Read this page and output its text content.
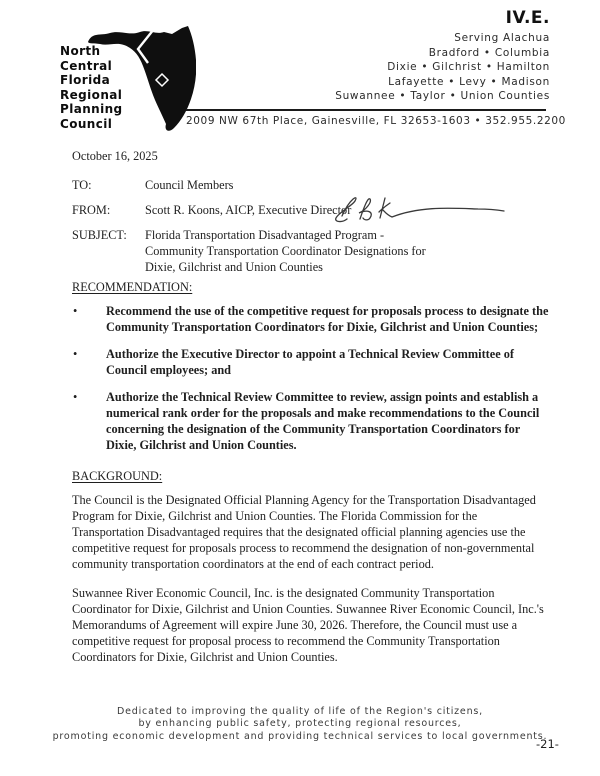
IV.E.
Serving Alachua
Bradford • Columbia
Dixie • Gilchrist • Hamilton
Lafayette • Levy • Madison
Suwannee • Taylor • Union Counties
North
Central
Florida
Regional
Planning
Council	2009 NW 67th Place, Gainesville, FL 32653-1603 • 352.955.2200
October 16, 2025
TO:	Council Members
FROM:	Scott R. Koons, AICP, Executive Director
SUBJECT:	Florida Transportation Disadvantaged Program -
Community Transportation Coordinator Designations for
Dixie, Gilchrist and Union Counties
RECOMMENDATION:
• Recommend the use of the competitive request for proposals process to designate the Community Transportation Coordinators for Dixie, Gilchrist and Union Counties;
• Authorize the Executive Director to appoint a Technical Review Committee of Council employees; and
• Authorize the Technical Review Committee to review, assign points and establish a numerical rank order for the proposals and make recommendations to the Council concerning the designation of the Community Transportation Coordinators for Dixie, Gilchrist and Union Counties.
BACKGROUND:
The Council is the Designated Official Planning Agency for the Transportation Disadvantaged Program for Dixie, Gilchrist and Union Counties. The Florida Commission for the Transportation Disadvantaged requires that the designated official planning agencies use the competitive request for proposals process to recommend the designation of non-governmental community transportation coordinators at the end of each contract period.
Suwannee River Economic Council, Inc. is the designated Community Transportation Coordinator for Dixie, Gilchrist and Union Counties. Suwannee River Economic Council, Inc.'s Memorandums of Agreement will expire June 30, 2026. Therefore, the Council must use a competitive request for proposal process to recommend the Community Transportation Coordinators for Dixie, Gilchrist and Union Counties.
Dedicated to improving the quality of life of the Region's citizens,
by enhancing public safety, protecting regional resources,
promoting economic development and providing technical services to local governments.
-21-
